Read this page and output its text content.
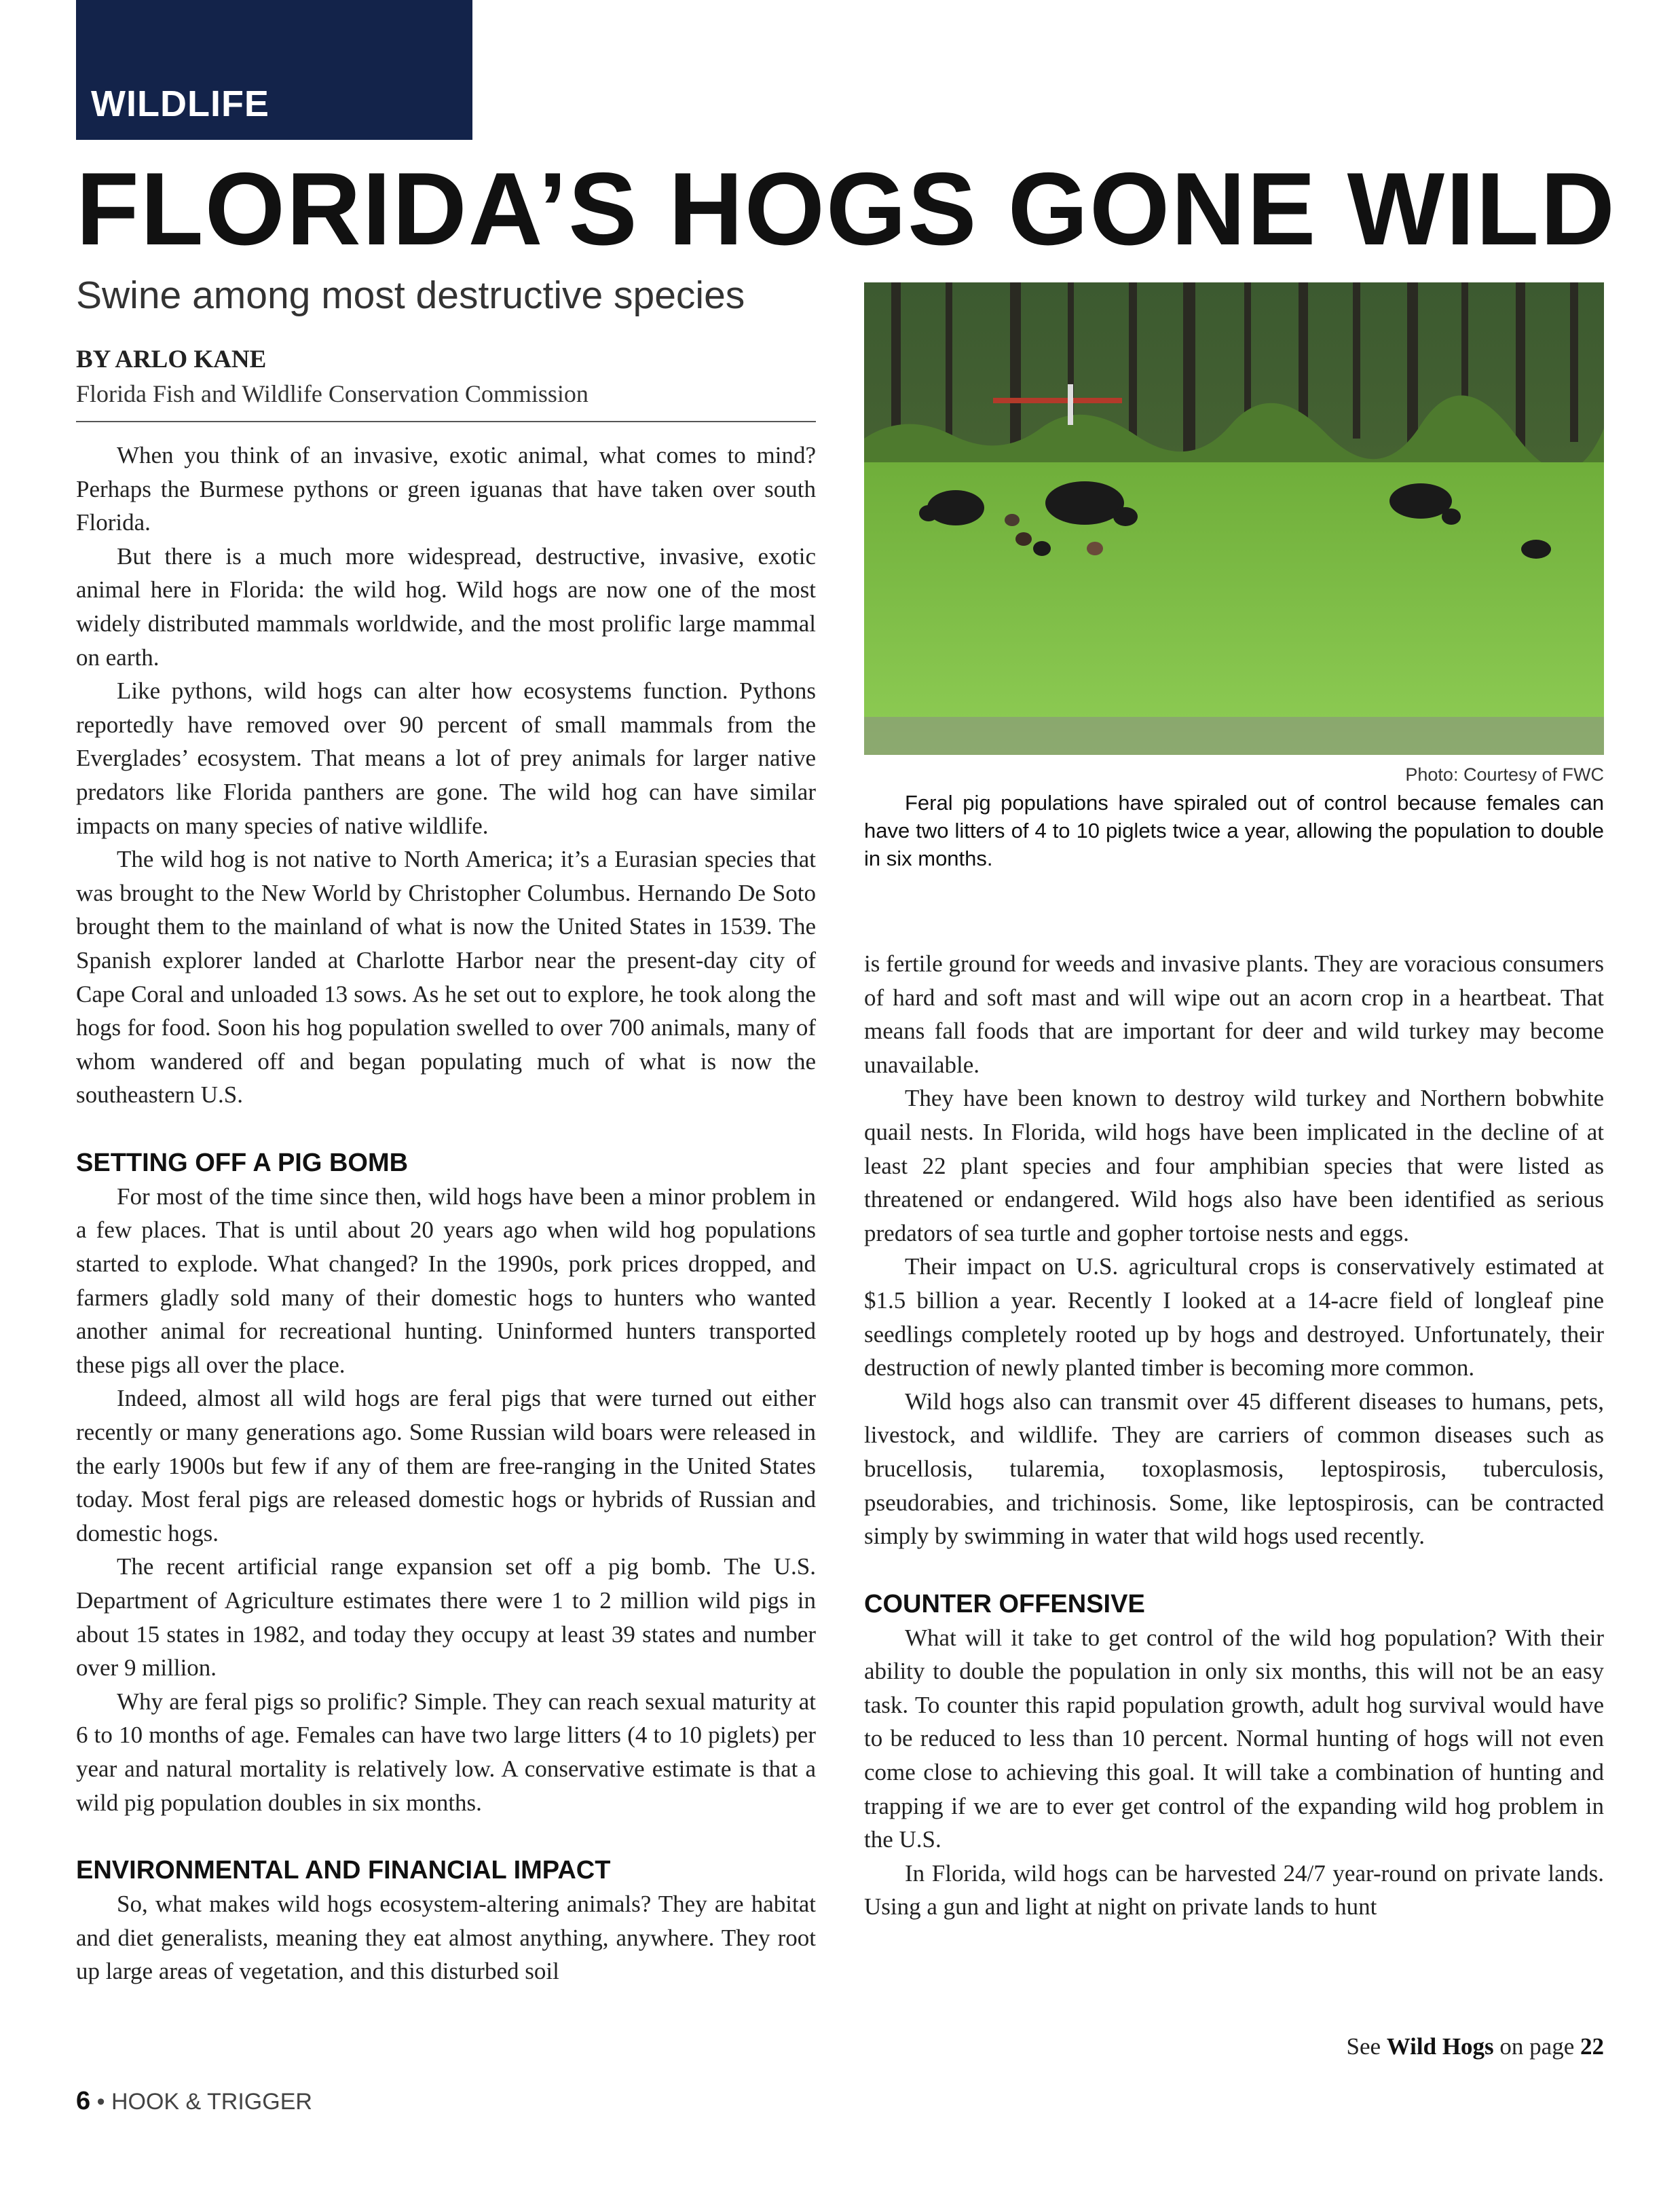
WILDLIFE
FLORIDA’S HOGS GONE WILD
Swine among most destructive species
BY ARLO KANE
Florida Fish and Wildlife Conservation Commission

When you think of an invasive, exotic animal, what comes to mind? Perhaps the Burmese pythons or green iguanas that have taken over south Florida.

But there is a much more widespread, destructive, invasive, exotic animal here in Florida: the wild hog. Wild hogs are now one of the most widely distributed mammals worldwide, and the most prolific large mammal on earth.

Like pythons, wild hogs can alter how ecosystems function. Pythons reportedly have removed over 90 percent of small mammals from the Everglades’ ecosystem. That means a lot of prey animals for larger native predators like Florida panthers are gone. The wild hog can have similar impacts on many species of native wildlife.

The wild hog is not native to North America; it’s a Eurasian species that was brought to the New World by Christopher Columbus. Hernando De Soto brought them to the mainland of what is now the United States in 1539. The Spanish explorer landed at Charlotte Harbor near the present-day city of Cape Coral and unloaded 13 sows. As he set out to explore, he took along the hogs for food. Soon his hog population swelled to over 700 animals, many of whom wandered off and began populating much of what is now the southeastern U.S.

SETTING OFF A PIG BOMB

For most of the time since then, wild hogs have been a minor problem in a few places. That is until about 20 years ago when wild hog populations started to explode. What changed? In the 1990s, pork prices dropped, and farmers gladly sold many of their domestic hogs to hunters who wanted another animal for recreational hunting. Uninformed hunters transported these pigs all over the place.

Indeed, almost all wild hogs are feral pigs that were turned out either recently or many generations ago. Some Russian wild boars were released in the early 1900s but few if any of them are free-ranging in the United States today. Most feral pigs are released domestic hogs or hybrids of Russian and domestic hogs.

The recent artificial range expansion set off a pig bomb. The U.S. Department of Agriculture estimates there were 1 to 2 million wild pigs in about 15 states in 1982, and today they occupy at least 39 states and number over 9 million.

Why are feral pigs so prolific? Simple. They can reach sexual maturity at 6 to 10 months of age. Females can have two large litters (4 to 10 piglets) per year and natural mortality is relatively low. A conservative estimate is that a wild pig population doubles in six months.

ENVIRONMENTAL AND FINANCIAL IMPACT

So, what makes wild hogs ecosystem-altering animals? They are habitat and diet generalists, meaning they eat almost anything, anywhere. They root up large areas of vegetation, and this disturbed soil

Photo: Courtesy of FWC

Feral pig populations have spiraled out of control because females can have two litters of 4 to 10 piglets twice a year, allowing the population to double in six months.

is fertile ground for weeds and invasive plants. They are voracious consumers of hard and soft mast and will wipe out an acorn crop in a heartbeat. That means fall foods that are important for deer and wild turkey may become unavailable.

They have been known to destroy wild turkey and Northern bobwhite quail nests. In Florida, wild hogs have been implicated in the decline of at least 22 plant species and four amphibian species that were listed as threatened or endangered. Wild hogs also have been identified as serious predators of sea turtle and gopher tortoise nests and eggs.

Their impact on U.S. agricultural crops is conservatively estimated at $1.5 billion a year. Recently I looked at a 14-acre field of longleaf pine seedlings completely rooted up by hogs and destroyed. Unfortunately, their destruction of newly planted timber is becoming more common.

Wild hogs also can transmit over 45 different diseases to humans, pets, livestock, and wildlife. They are carriers of common diseases such as brucellosis, tularemia, toxoplasmosis, leptospirosis, tuberculosis, pseudorabies, and trichinosis. Some, like leptospirosis, can be contracted simply by swimming in water that wild hogs used recently.

COUNTER OFFENSIVE

What will it take to get control of the wild hog population? With their ability to double the population in only six months, this will not be an easy task. To counter this rapid population growth, adult hog survival would have to be reduced to less than 10 percent. Normal hunting of hogs will not even come close to achieving this goal. It will take a combination of hunting and trapping if we are to ever get control of the expanding wild hog problem in the U.S.

In Florida, wild hogs can be harvested 24/7 year-round on private lands. Using a gun and light at night on private lands to hunt

See Wild Hogs on page 22
6 • HOOK & TRIGGER
